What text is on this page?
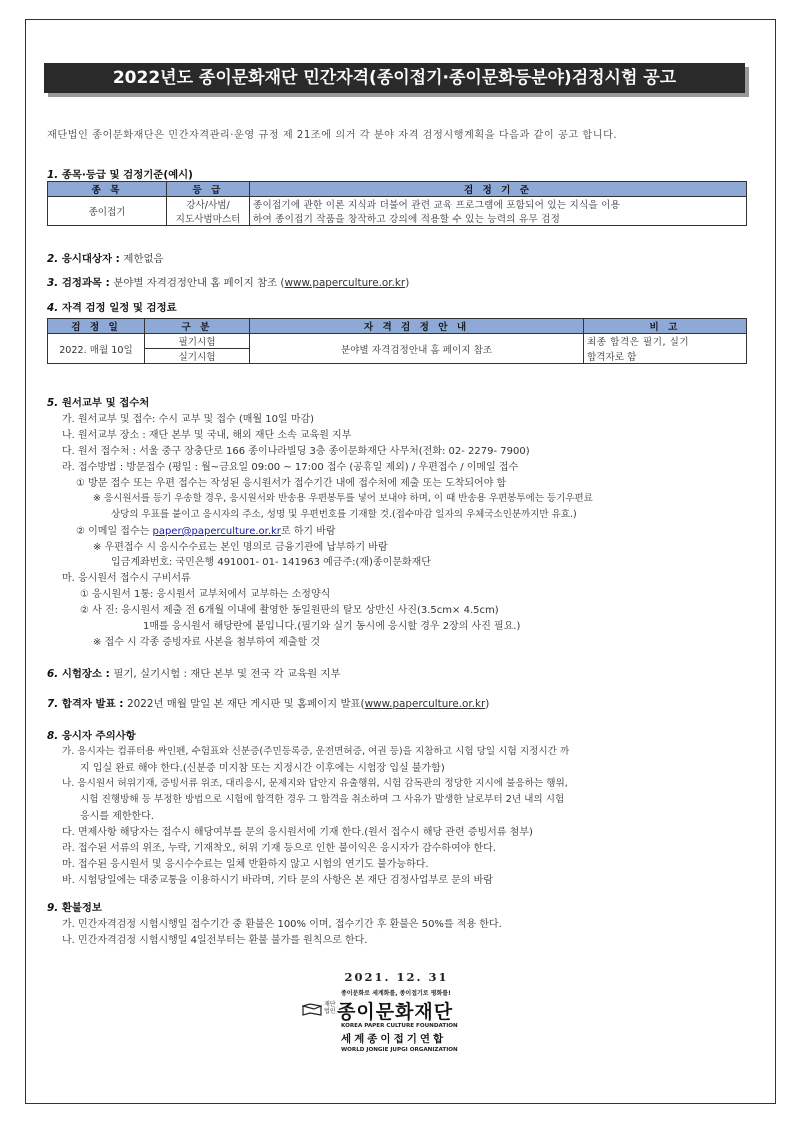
2022년도 종이문화재단 민간자격(종이접기·종이문화등분야)검정시험 공고
재단법인 종이문화재단은 민간자격관리·운영 규정 제 21조에 의거 각 분야 자격 검정시행계획을 다음과 같이 공고 합니다.
1. 종목·등급 및 검정기준(예시)
종 목	등 급	검 정 기 준
종이접기	강사/사범/	종이접기에 관한 이론 지식과 더불어 관련 교육 프로그램에 포함되어 있는 지식을 이용
	지도사범마스터	하여 종이접기 작품을 창작하고 강의에 적용할 수 있는 능력의 유무 검정
2. 응시대상자 : 제한없음
3. 검정과목 : 분야별 자격검정안내 홈 페이지 참조 (www.paperculture.or.kr)
4. 자격 검정 일정 및 검정료
검 정 일	구 분	자 격 검 정 안 내	비 고
2022. 매월 10일	필기시험	분야별 자격검정안내 홈 페이지 참조	최종 합격은 필기, 실기
	실기시험		합격자로 함
5. 원서교부 및 접수처
가. 원서교부 및 접수: 수시 교부 및 접수 (매월 10일 마감)
나. 원서교부 장소 : 재단 본부 및 국내, 해외 재단 소속 교육원 지부
다. 원서 접수처 : 서울 중구 장충단로 166 종이나라빌딩 3층 종이문화재단 사무처(전화: 02- 2279- 7900)
라. 접수방법 : 방문접수 (평일 : 월~금요일 09:00 ~ 17:00 접수 (공휴일 제외) / 우편접수 / 이메일 접수
① 방문 접수 또는 우편 접수는 작성된 응시원서가 접수기간 내에 접수처에 제출 또는 도착되어야 함
※ 응시원서를 등기 우송할 경우, 응시원서와 반송용 우편봉투를 넣어 보내야 하며, 이 때 반송용 우편봉투에는 등기우편료
상당의 우표를 붙이고 응시자의 주소, 성명 및 우편번호를 기재할 것.(접수마감 일자의 우체국소인분까지만 유효.)
② 이메일 접수는 paper@paperculture.or.kr로 하기 바람
※ 우편접수 시 응시수수료는 본인 명의로 금융기관에 납부하기 바람
입금계좌번호: 국민은행 491001- 01- 141963 예금주:(재)종이문화재단
마. 응시원서 접수시 구비서류
① 응시원서 1통: 응시원서 교부처에서 교부하는 소정양식
② 사 진: 응시원서 제출 전 6개월 이내에 촬영한 동일원판의 탈모 상반신 사진(3.5cm× 4.5cm)
1매를 응시원서 해당란에 붙입니다.(필기와 실기 동시에 응시할 경우 2장의 사진 필요.)
※ 접수 시 각종 증빙자료 사본을 첨부하여 제출할 것
6. 시험장소 : 필기, 실기시험 : 재단 본부 및 전국 각 교육원 지부
7. 합격자 발표 : 2022년 매월 말일 본 재단 게시판 및 홈페이지 발표(www.paperculture.or.kr)
8. 응시자 주의사항
가. 응시자는 컴퓨터용 싸인펜, 수험표와 신분증(주민등록증, 운전면허증, 여권 등)을 지참하고 시험 당일 시험 지정시간 까
지 입실 완료 해야 한다.(신분증 미지참 또는 지정시간 이후에는 시험장 입실 불가함)
나. 응시원서 허위기재, 증빙서류 위조, 대리응시, 문제지와 답안지 유출행위, 시험 감독관의 정당한 지시에 불응하는 행위,
시험 진행방해 등 부정한 방법으로 시험에 합격한 경우 그 합격을 취소하며 그 사유가 발생한 날로부터 2년 내의 시험
응시를 제한한다.
다. 면제사항 해당자는 접수시 해당여부를 문의 응시원서에 기재 한다.(원서 접수시 해당 관련 증빙서류 첨부)
라. 접수된 서류의 위조, 누락, 기재착오, 허위 기재 등으로 인한 불이익은 응시자가 감수하여야 한다.
마. 접수된 응시원서 및 응시수수료는 일체 반환하지 않고 시험의 연기도 불가능하다.
바. 시험당일에는 대중교통을 이용하시기 바라며, 기타 문의 사항은 본 재단 검정사업부로 문의 바람
9. 환불정보
가. 민간자격검정 시험시행일 접수기간 중 환불은 100% 이며, 접수기간 후 환불은 50%를 적용 한다.
나. 민간자격검정 시험시행일 4일전부터는 환불 불가를 원칙으로 한다.
2021. 12. 31
종이문화로 세계화를, 종이접기로 평화를!
재단
법인 종이문화재단
KOREA PAPER CULTURE FOUNDATION
세계종이접기연합
WORLD JONGIE JUPGI ORGANIZATION
